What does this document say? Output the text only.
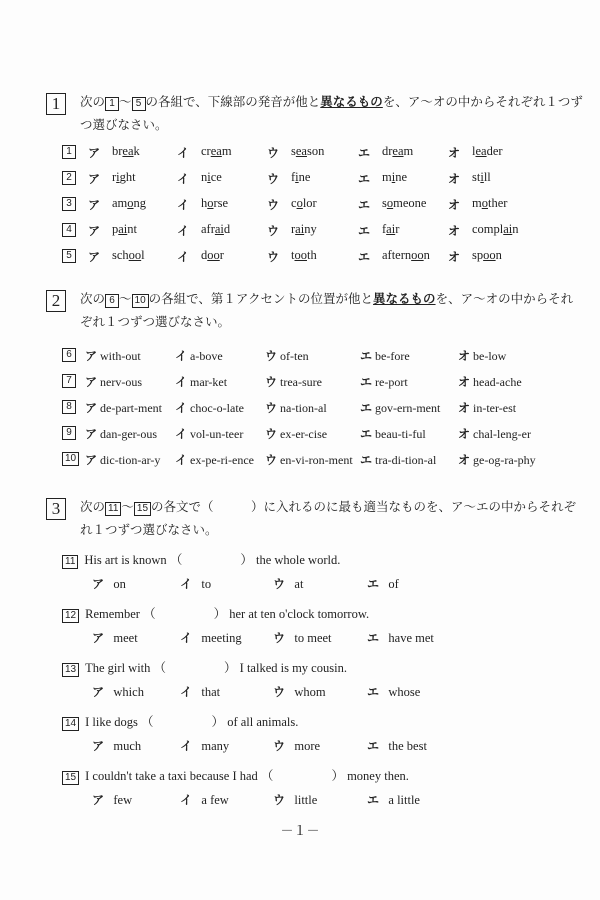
－１－
1	次の 1 ～ 5 の各組で、下線部の発音が他と異なるものを、ア～オの中からそれぞれ１つずつ選びなさい。
1	ア break	イ cream	ウ season	エ dream	オ leader
2	ア right	イ nice	ウ fine	エ mine	オ still
3	ア among	イ horse	ウ color	エ someone オ mother
4	ア paint	イ afraid	ウ rainy	エ fair	オ complain
5	ア school	イ door	ウ tooth	エ afternoon オ spoon
2	次の 6 ～ 10 の各組で、第１アクセントの位置が他と異なるものを、ア～オの中からそれぞれ１つずつ選びなさい。
6	ア with-out	イ a-bove	ウ of-ten	エ be-fore	オ be-low
7	ア nerv-ous	イ mar-ket	ウ trea-sure	エ re-port	オ head-ache
8	ア de-part-ment イ choc-o-late ウ na-tion-al	エ gov-ern-ment オ in-ter-est
9	ア dan-ger-ous イ vol-un-teer ウ ex-er-cise	エ beau-ti-ful	オ chal-leng-er
10 ア dic-tion-ar-y イ ex-pe-ri-ence ウ en-vi-ron-ment エ tra-di-tion-al オ ge-og-ra-phy
3	次の 11 ～ 15 の各文で（　　　）に入れるのに最も適当なものを、ア～エの中からそれぞれ１つずつ選びなさい。
11 His art is known （	） the whole world.
ア on	イ to	ウ at	エ of
12 Remember （	） her at ten o'clock tomorrow.
ア meet	イ meeting	ウ to meet	エ have met
13 The girl with （	） I talked is my cousin.
ア which	イ that	ウ whom	エ whose
14 I like dogs （	） of all animals.
ア much	イ many	ウ more	エ the best
15 I couldn't take a taxi because I had （	） money then.
ア few	イ a few	ウ little	エ a little
